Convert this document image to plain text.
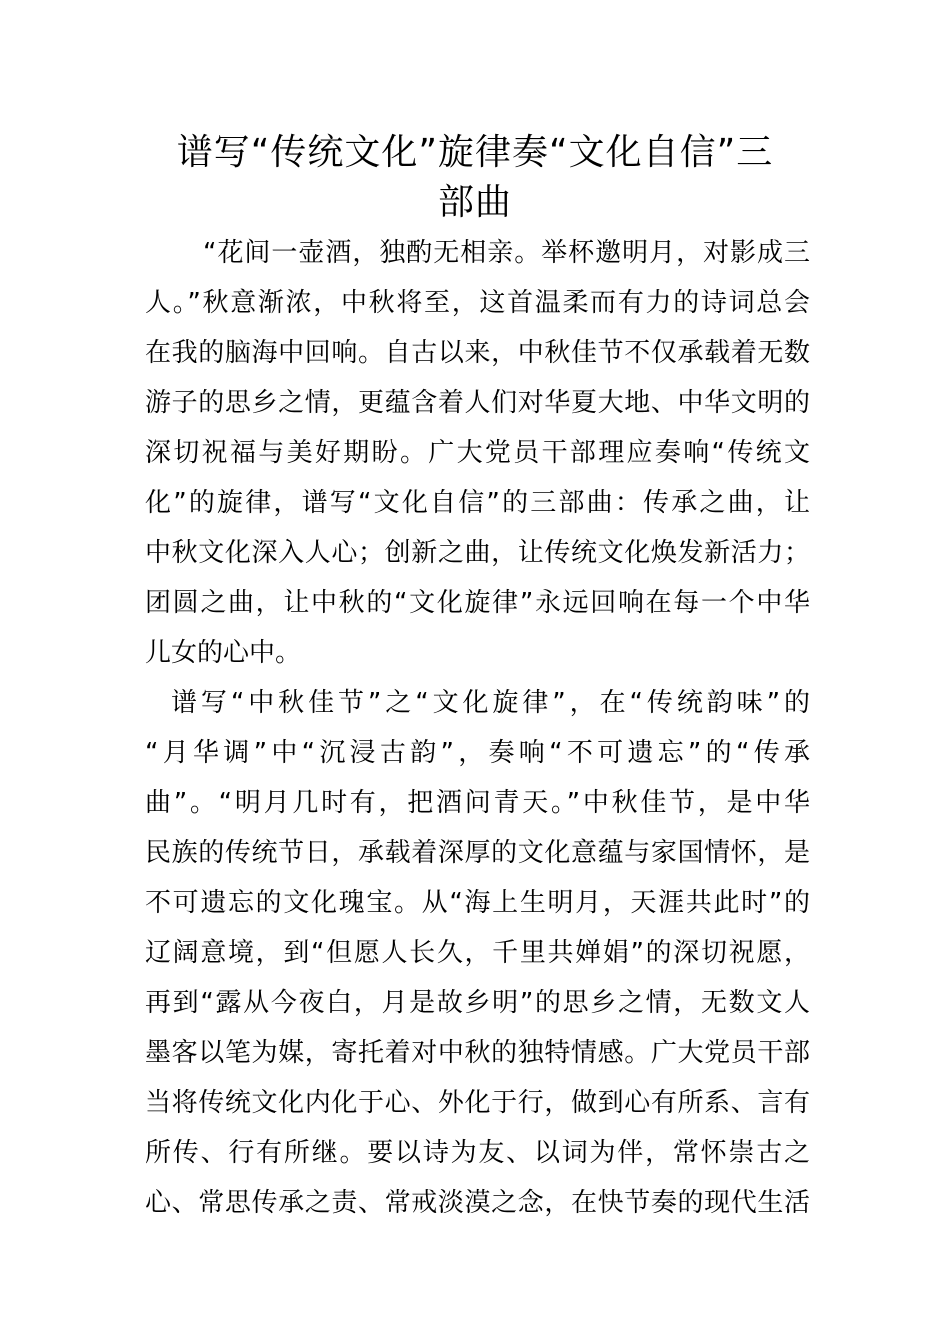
谱写“传统文化”旋律奏“文化自信”三
部曲
“花间一壶酒，独酌无相亲。举杯邀明月，对影成三
人。”秋意渐浓，中秋将至，这首温柔而有力的诗词总会
在我的脑海中回响。自古以来，中秋佳节不仅承载着无数
游子的思乡之情，更蕴含着人们对华夏大地、中华文明的
深切祝福与美好期盼。广大党员干部理应奏响“传统文
化”的旋律，谱写“文化自信”的三部曲：传承之曲，让
中秋文化深入人心；创新之曲，让传统文化焕发新活力；
团圆之曲，让中秋的“文化旋律”永远回响在每一个中华
儿女的心中。
谱写“中秋佳节”之“文化旋律”，在“传统韵味”的
“月华调”中“沉浸古韵”，奏响“不可遗忘”的“传承
曲”。“明月几时有，把酒问青天。”中秋佳节，是中华
民族的传统节日，承载着深厚的文化意蕴与家国情怀，是
不可遗忘的文化瑰宝。从“海上生明月，天涯共此时”的
辽阔意境，到“但愿人长久，千里共婵娟”的深切祝愿，
再到“露从今夜白，月是故乡明”的思乡之情，无数文人
墨客以笔为媒，寄托着对中秋的独特情感。广大党员干部
当将传统文化内化于心、外化于行，做到心有所系、言有
所传、行有所继。要以诗为友、以词为伴，常怀崇古之
心、常思传承之责、常戒淡漠之念，在快节奏的现代生活
